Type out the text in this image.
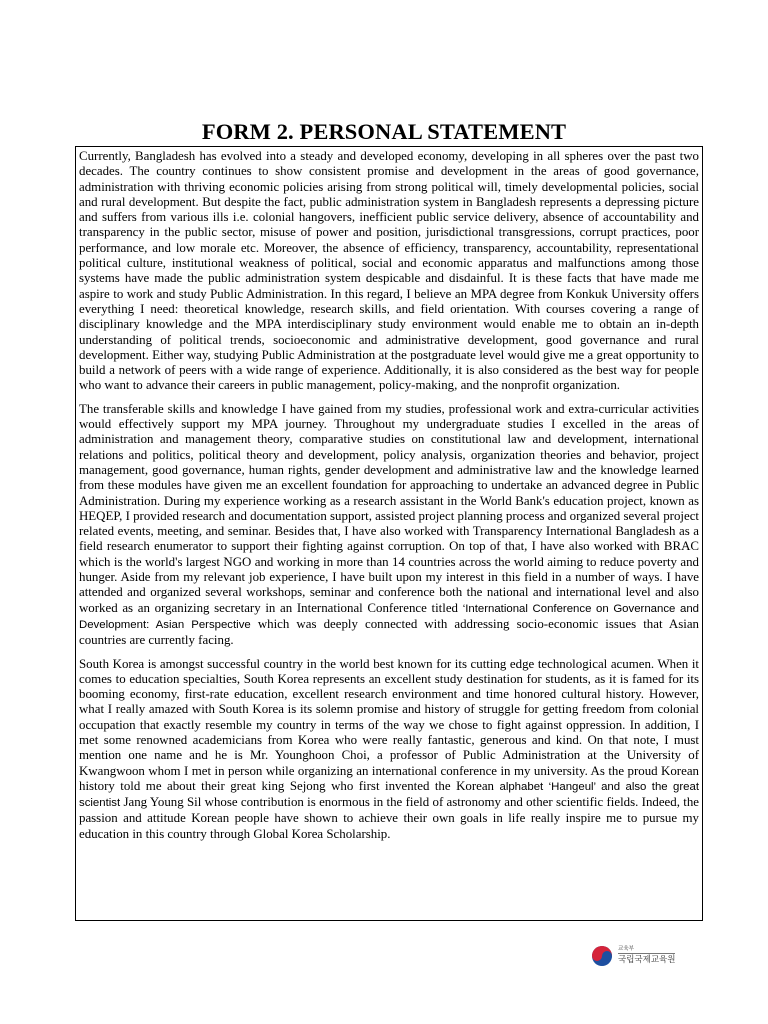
FORM 2. PERSONAL STATEMENT

Currently, Bangladesh has evolved into a steady and developed economy, developing in all spheres over the past two decades. The country continues to show consistent promise and development in the areas of good governance, administration with thriving economic policies arising from strong political will, timely developmental policies, social and rural development. But despite the fact, public administration system in Bangladesh represents a depressing picture and suffers from various ills i.e. colonial hangovers, inefficient public service delivery, absence of accountability and transparency in the public sector, misuse of power and position, jurisdictional transgressions, corrupt practices, poor performance, and low morale etc. Moreover, the absence of efficiency, transparency, accountability, representational political culture, institutional weakness of political, social and economic apparatus and malfunctions among those systems have made the public administration system despicable and disdainful. It is these facts that have made me aspire to work and study Public Administration. In this regard, I believe an MPA degree from Konkuk University offers everything I need: theoretical knowledge, research skills, and field orientation. With courses covering a range of disciplinary knowledge and the MPA interdisciplinary study environment would enable me to obtain an in-depth understanding of political trends, socioeconomic and administrative development, good governance and rural development. Either way, studying Public Administration at the postgraduate level would give me a great opportunity to build a network of peers with a wide range of experience. Additionally, it is also considered as the best way for people who want to advance their careers in public management, policy-making, and the nonprofit organization.

The transferable skills and knowledge I have gained from my studies, professional work and extra-curricular activities would effectively support my MPA journey. Throughout my undergraduate studies I excelled in the areas of administration and management theory, comparative studies on constitutional law and development, international relations and politics, political theory and development, policy analysis, organization theories and behavior, project management, good governance, human rights, gender development and administrative law and the knowledge learned from these modules have given me an excellent foundation for approaching to undertake an advanced degree in Public Administration. During my experience working as a research assistant in the World Bank's education project, known as HEQEP, I provided research and documentation support, assisted project planning process and organized several project related events, meeting, and seminar. Besides that, I have also worked with Transparency International Bangladesh as a field research enumerator to support their fighting against corruption. On top of that, I have also worked with BRAC which is the world's largest NGO and working in more than 14 countries across the world aiming to reduce poverty and hunger. Aside from my relevant job experience, I have built upon my interest in this field in a number of ways. I have attended and organized several workshops, seminar and conference both the national and international level and also worked as an organizing secretary in an International Conference titled ‘International Conference on Governance and Development: Asian Perspective which was deeply connected with addressing socio-economic issues that Asian countries are currently facing.

South Korea is amongst successful country in the world best known for its cutting edge technological acumen. When it comes to education specialties, South Korea represents an excellent study destination for students, as it is famed for its booming economy, first-rate education, excellent research environment and time honored cultural history. However, what I really amazed with South Korea is its solemn promise and history of struggle for getting freedom from colonial occupation that exactly resemble my country in terms of the way we chose to fight against oppression. In addition, I met some renowned academicians from Korea who were really fantastic, generous and kind. On that note, I must mention one name and he is Mr. Younghoon Choi, a professor of Public Administration at the University of Kwangwoon whom I met in person while organizing an international conference in my university. As the proud Korean history told me about their great king Sejong who first invented the Korean alphabet ‘Hangeul’ and also the great scientist Jang Young Sil whose contribution is enormous in the field of astronomy and other scientific fields. Indeed, the passion and attitude Korean people have shown to achieve their own goals in life really inspire me to pursue my education in this country through Global Korea Scholarship.

교육부
국립국제교육원
